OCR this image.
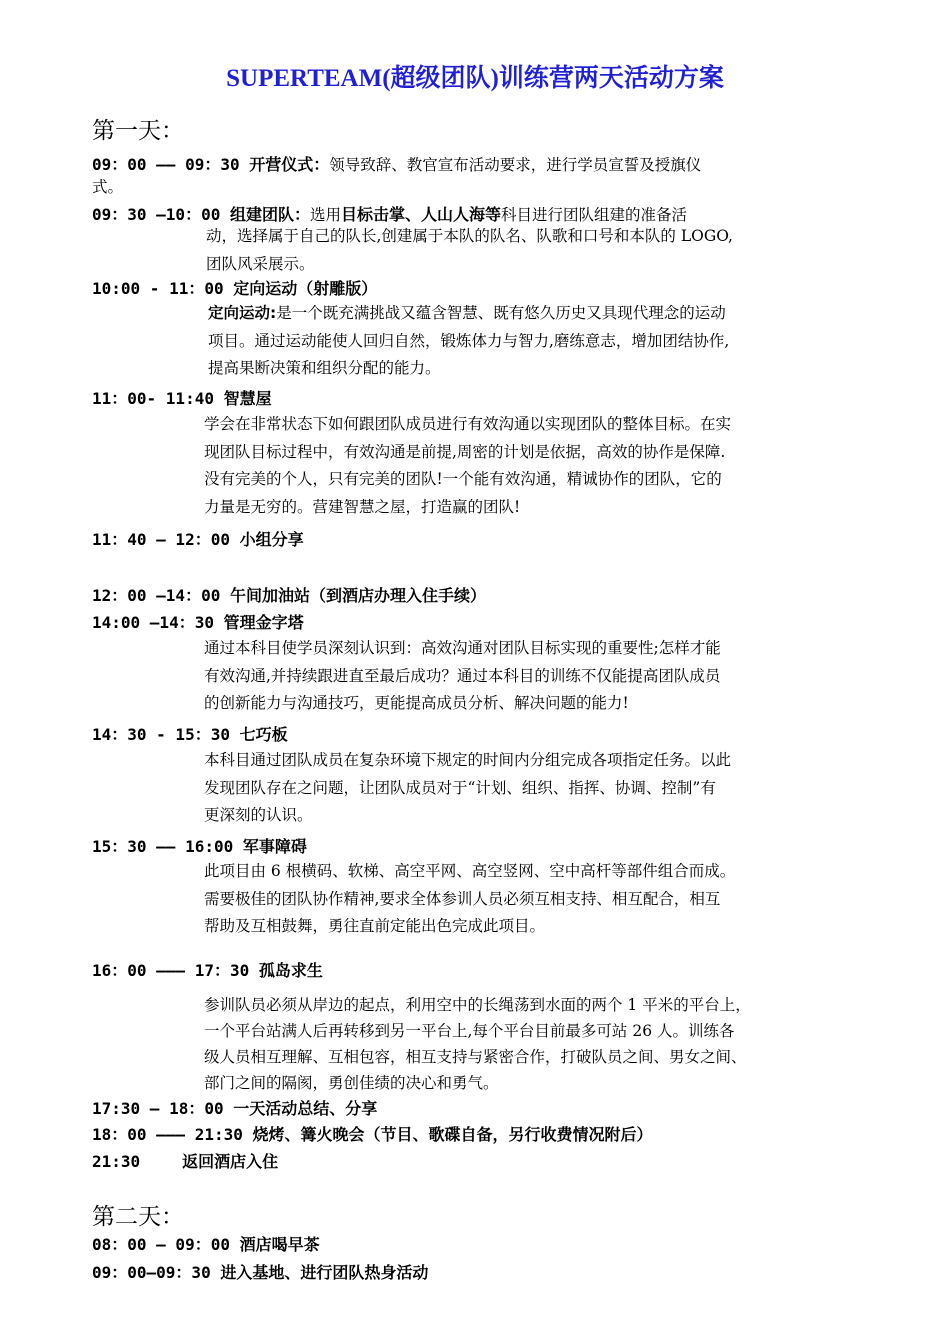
SUPERTEAM(超级团队)训练营两天活动方案
第一天：
09：00 —— 09：30 开营仪式：领导致辞、教官宣布活动要求，进行学员宣誓及授旗仪
式。
09：30 —10：00 组建团队：选用目标击掌、人山人海等科目进行团队组建的准备活
动，选择属于自己的队长,创建属于本队的队名、队歌和口号和本队的 LOGO,
团队风采展示。
10:00 - 11：00 定向运动（射雕版）
定向运动:是一个既充满挑战又蕴含智慧、既有悠久历史又具现代理念的运动
项目。通过运动能使人回归自然，锻炼体力与智力,磨练意志，增加团结协作,
提高果断决策和组织分配的能力。
11：00- 11:40 智慧屋
学会在非常状态下如何跟团队成员进行有效沟通以实现团队的整体目标。在实
现团队目标过程中，有效沟通是前提,周密的计划是依据，高效的协作是保障.
没有完美的个人，只有完美的团队!一个能有效沟通，精诚协作的团队，它的
力量是无穷的。营建智慧之屋，打造赢的团队!
11：40 — 12：00 小组分享
12：00 —14：00 午间加油站（到酒店办理入住手续）
14:00 —14：30 管理金字塔
通过本科目使学员深刻认识到：高效沟通对团队目标实现的重要性;怎样才能
有效沟通,并持续跟进直至最后成功？通过本科目的训练不仅能提高团队成员
的创新能力与沟通技巧，更能提高成员分析、解决问题的能力!
14：30 - 15：30 七巧板
本科目通过团队成员在复杂环境下规定的时间内分组完成各项指定任务。以此
发现团队存在之问题，让团队成员对于“计划、组织、指挥、协调、控制”有
更深刻的认识。
15：30 —— 16:00 军事障碍
此项目由 6 根横码、软梯、高空平网、高空竖网、空中高杆等部件组合而成。
需要极佳的团队协作精神,要求全体参训人员必须互相支持、相互配合，相互
帮助及互相鼓舞，勇往直前定能出色完成此项目。
16：00 ——— 17：30 孤岛求生
参训队员必须从岸边的起点，利用空中的长绳荡到水面的两个 1 平米的平台上，
一个平台站满人后再转移到另一平台上,每个平台目前最多可站 26 人。训练各
级人员相互理解、互相包容，相互支持与紧密合作，打破队员之间、男女之间、
部门之间的隔阂，勇创佳绩的决心和勇气。
17:30 — 18：00 一天活动总结、分享
18：00 ——— 21:30 烧烤、篝火晚会（节目、歌碟自备，另行收费情况附后）
21:30	返回酒店入住
第二天：
08：00 — 09：00 酒店喝早茶
09：00—09：30 进入基地、进行团队热身活动
